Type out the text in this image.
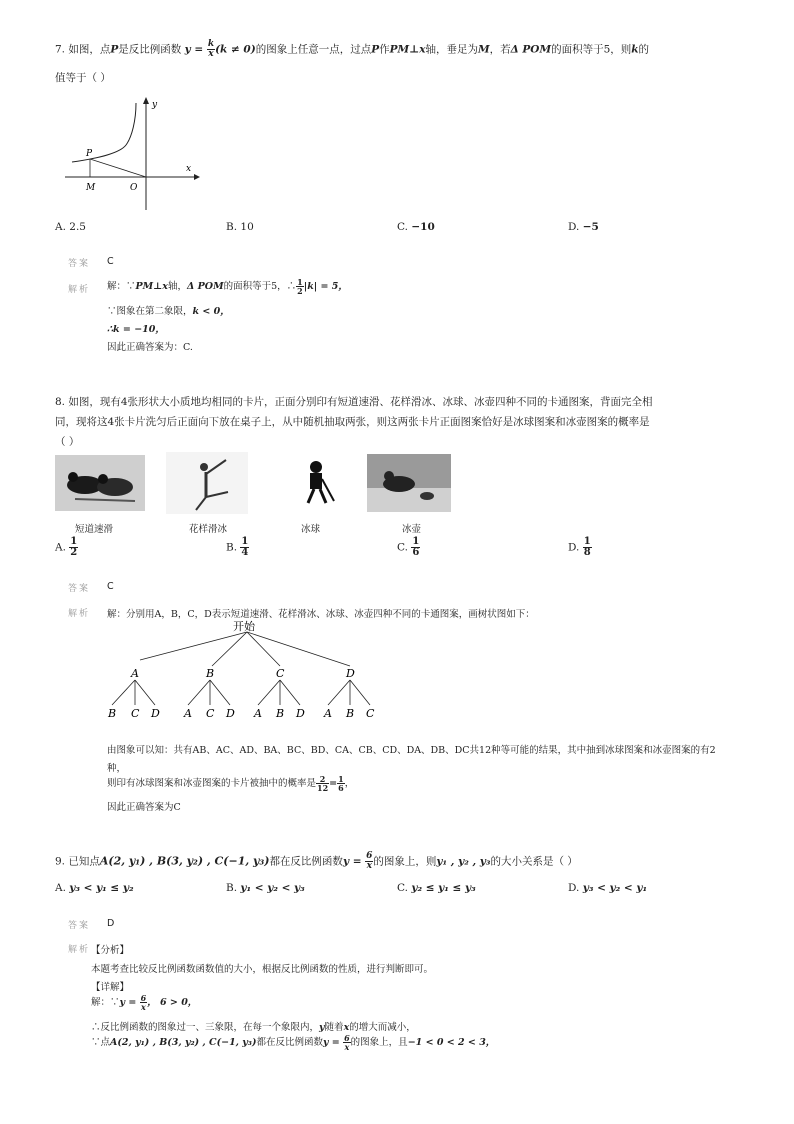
7. 如图，点P是反比例函数 $y = \frac{k}{x} (k \ne 0)$的图象上任意一点，过点P作PM⊥x轴，垂足为M，若Δ POM的面积等于5，则k的
值等于（ ）
y
x
P
M	O
A. 2.5	B. 10	C. −10	D. −5
答案 C
解析 解：∵PM⊥x轴，Δ POM的面积等于5，∴ $\frac{1}{2} |k| = 5$，
∵图象在第二象限，k < 0，
∴k = −10，
因此正确答案为：C.
8. 如图，现有4张形状大小质地均相同的卡片，正面分别印有短道速滑、花样滑冰、冰球、冰壶四种不同的卡通图案，背面完全相
同，现将这4张卡片洗匀后正面向下放在桌子上，从中随机抽取两张，则这两张卡片正面图案恰好是冰球图案和冰壶图案的概率是
（ ）
短道速滑	花样滑冰	冰球	冰壶
A. $\frac{1}{2}$	B. $\frac{1}{4}$	C. $\frac{1}{6}$	D. $\frac{1}{8}$
答案 C
解析 解：分别用A，B，C，D表示短道速滑、花样滑冰、冰球、冰壶四种不同的卡通图案，画树状图如下：
开始
A	B	C	D
B C D A C D A B D A B C
由图象可以知：共有AB、AC、AD、BA、BC、BD、CA、CB、CD、DA、DB、DC共12种等可能的结果，其中抽到冰球图案和冰壶图案的有2
种，
则印有冰球图案和冰壶图案的卡片被抽中的概率是 $\frac{2}{12} = \frac{1}{6}$ ，
因此正确答案为C
9. 已知点A(2, y₁) , B(3, y₂) , C(−1, y₃)都在反比例函数$y = \frac{6}{x}$ 的图象上，则y₁ , y₂ , y₃的大小关系是（ ）
A. y₃ < y₁ ≤ y₂	B. y₁ < y₂ < y₃	C. y₂ ≤ y₁ ≤ y₃	D. y₃ < y₂ < y₁
答案 D
解析 【分析】
本题考查比较反比例函数函数值的大小，根据反比例函数的性质，进行判断即可。
【详解】
解：∵y = $\frac{6}{x}$ ， 6 > 0，
∴反比例函数的图象过一、三象限，在每一个象限内，y随着x的增大而减小，
∵点A(2, y₁) , B(3, y₂) , C(−1, y₃)都在反比例函数$y = \frac{6}{x}$ 的图象上，且−1 < 0 < 2 < 3，
